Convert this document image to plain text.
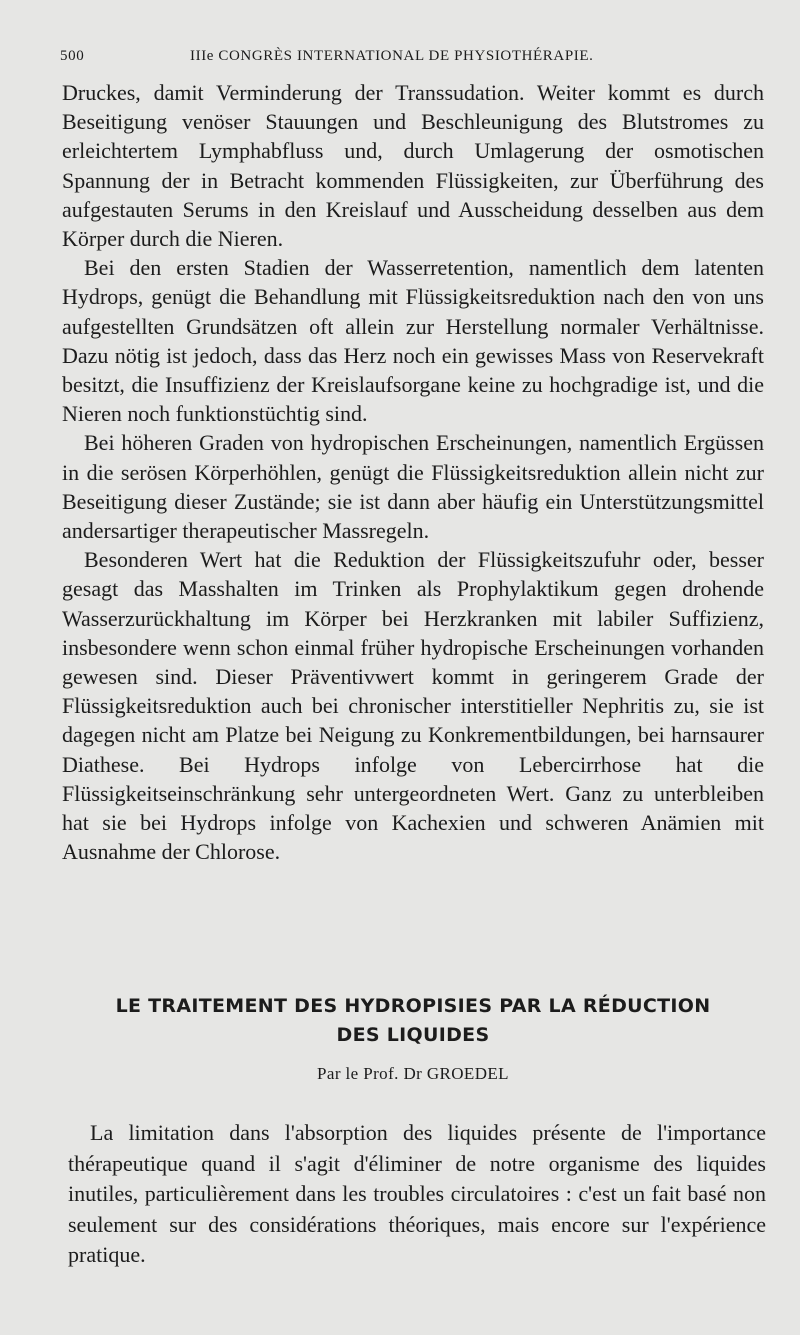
500	IIIe CONGRÈS INTERNATIONAL DE PHYSIOTHÉRAPIE.

Druckes, damit Verminderung der Transsudation. Weiter kommt es durch Beseitigung venöser Stauungen und Beschleunigung des Blutstromes zu erleichtertem Lymphabfluss und, durch Umlagerung der osmotischen Spannung der in Betracht kommenden Flüssigkeiten, zur Überführung des aufgestauten Serums in den Kreislauf und Ausscheidung desselben aus dem Körper durch die Nieren.

Bei den ersten Stadien der Wasserretention, namentlich dem latenten Hydrops, genügt die Behandlung mit Flüssigkeitsreduktion nach den von uns aufgestellten Grundsätzen oft allein zur Herstellung normaler Verhältnisse. Dazu nötig ist jedoch, dass das Herz noch ein gewisses Mass von Reservekraft besitzt, die Insuffizienz der Kreislaufsorgane keine zu hochgradige ist, und die Nieren noch funktionstüchtig sind.

Bei höheren Graden von hydropischen Erscheinungen, namentlich Ergüssen in die serösen Körperhöhlen, genügt die Flüssigkeitsreduktion allein nicht zur Beseitigung dieser Zustände; sie ist dann aber häufig ein Unterstützungsmittel andersartiger therapeutischer Massregeln.

Besonderen Wert hat die Reduktion der Flüssigkeitszufuhr oder, besser gesagt das Masshalten im Trinken als Prophylaktikum gegen drohende Wasserzurückhaltung im Körper bei Herzkranken mit labiler Suffizienz, insbesondere wenn schon einmal früher hydropische Erscheinungen vorhanden gewesen sind. Dieser Präventivwert kommt in geringerem Grade der Flüssigkeitsreduktion auch bei chronischer interstitieller Nephritis zu, sie ist dagegen nicht am Platze bei Neigung zu Konkrementbildungen, bei harnsaurer Diathese. Bei Hydrops infolge von Lebercirrhose hat die Flüssigkeitseinschränkung sehr untergeordneten Wert. Ganz zu unterbleiben hat sie bei Hydrops infolge von Kachexien und schweren Anämien mit Ausnahme der Chlorose.

LE TRAITEMENT DES HYDROPISIES PAR LA RÉDUCTION
DES LIQUIDES
Par le Prof. Dr GROEDEL

La limitation dans l'absorption des liquides présente de l'importance thérapeutique quand il s'agit d'éliminer de notre organisme des liquides inutiles, particulièrement dans les troubles circulatoires : c'est un fait basé non seulement sur des considérations théoriques, mais encore sur l'expérience pratique.
